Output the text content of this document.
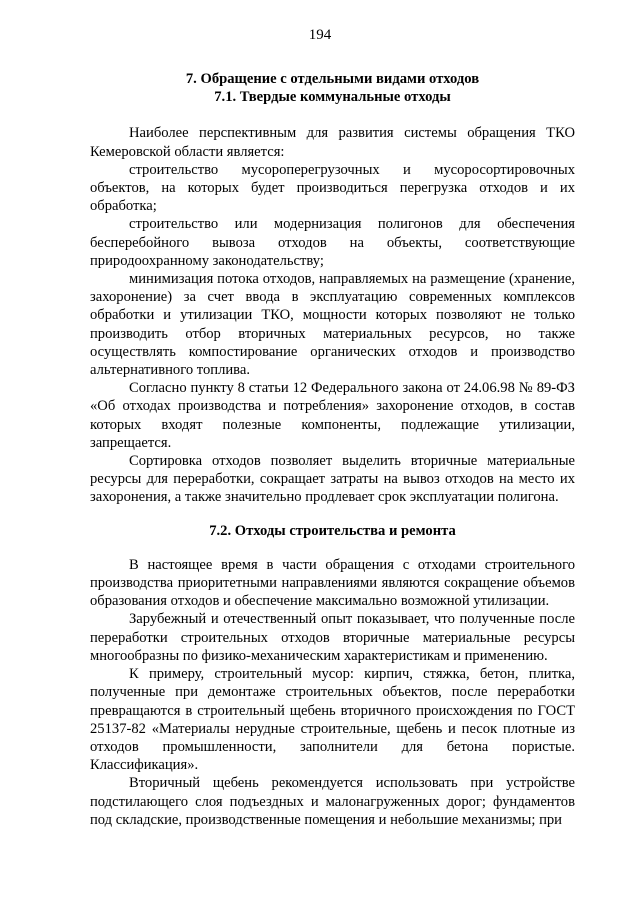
194

7. Обращение с отдельными видами отходов

7.1. Твердые коммунальные отходы

Наиболее перспективным для развития системы обращения ТКО Кемеровской области является:

строительство мусороперегрузочных и мусоросортировочных объектов, на которых будет производиться перегрузка отходов и их обработка;

строительство или модернизация полигонов для обеспечения бесперебойного вывоза отходов на объекты, соответствующие природоохранному законодательству;

минимизация потока отходов, направляемых на размещение (хранение, захоронение) за счет ввода в эксплуатацию современных комплексов обработки и утилизации ТКО, мощности которых позволяют не только производить отбор вторичных материальных ресурсов, но также осуществлять компостирование органических отходов и производство альтернативного топлива.

Согласно пункту 8 статьи 12 Федерального закона от 24.06.98 № 89-ФЗ «Об отходах производства и потребления» захоронение отходов, в состав которых входят полезные компоненты, подлежащие утилизации, запрещается.

Сортировка отходов позволяет выделить вторичные материальные ресурсы для переработки, сокращает затраты на вывоз отходов на место их захоронения, а также значительно продлевает срок эксплуатации полигона.

7.2. Отходы строительства и ремонта

В настоящее время в части обращения с отходами строительного производства приоритетными направлениями являются сокращение объемов образования отходов и обеспечение максимально возможной утилизации.

Зарубежный и отечественный опыт показывает, что полученные после переработки строительных отходов вторичные материальные ресурсы многообразны по физико-механическим характеристикам и применению.

К примеру, строительный мусор: кирпич, стяжка, бетон, плитка, полученные при демонтаже строительных объектов, после переработки превращаются в строительный щебень вторичного происхождения по ГОСТ 25137-82 «Материалы нерудные строительные, щебень и песок плотные из отходов промышленности, заполнители для бетона пористые. Классификация».

Вторичный щебень рекомендуется использовать при устройстве подстилающего слоя подъездных и малонагруженных дорог; фундаментов под складские, производственные помещения и небольшие механизмы; при
